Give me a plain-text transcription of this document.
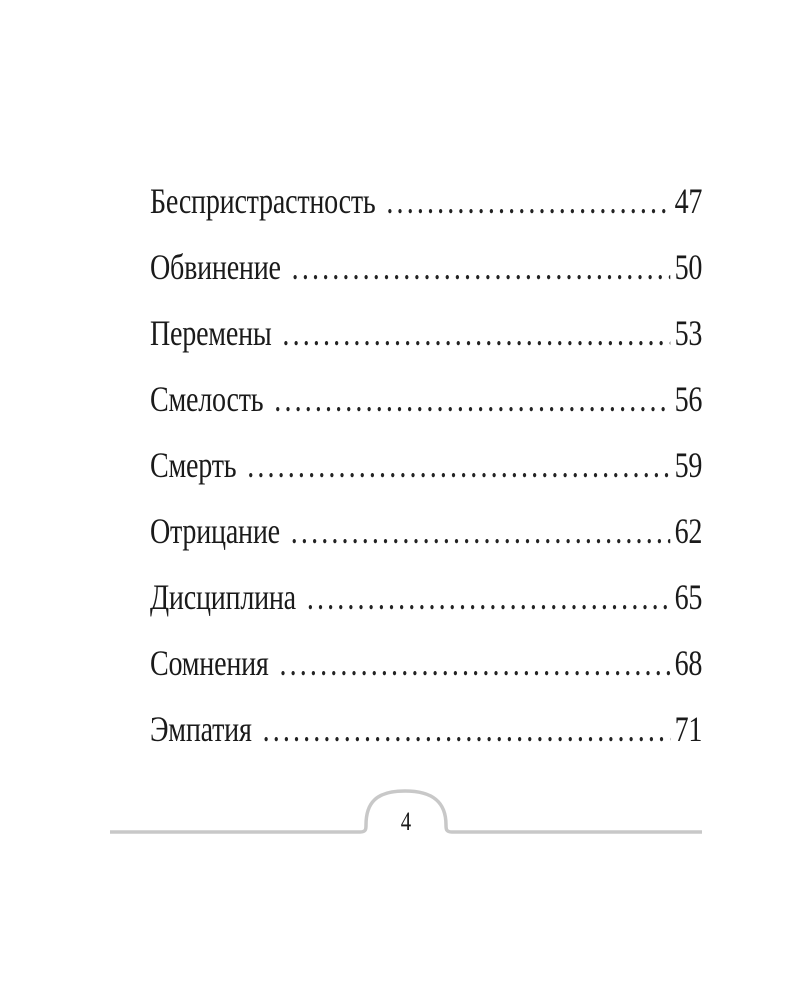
Беспристрастность .....	47
Обвинение .....	50
Перемены .....	53
Смелость .....	56
Смерть .....	59
Отрицание .....	62
Дисциплина .....	65
Сомнения .....	68
Эмпатия .....	71
4
